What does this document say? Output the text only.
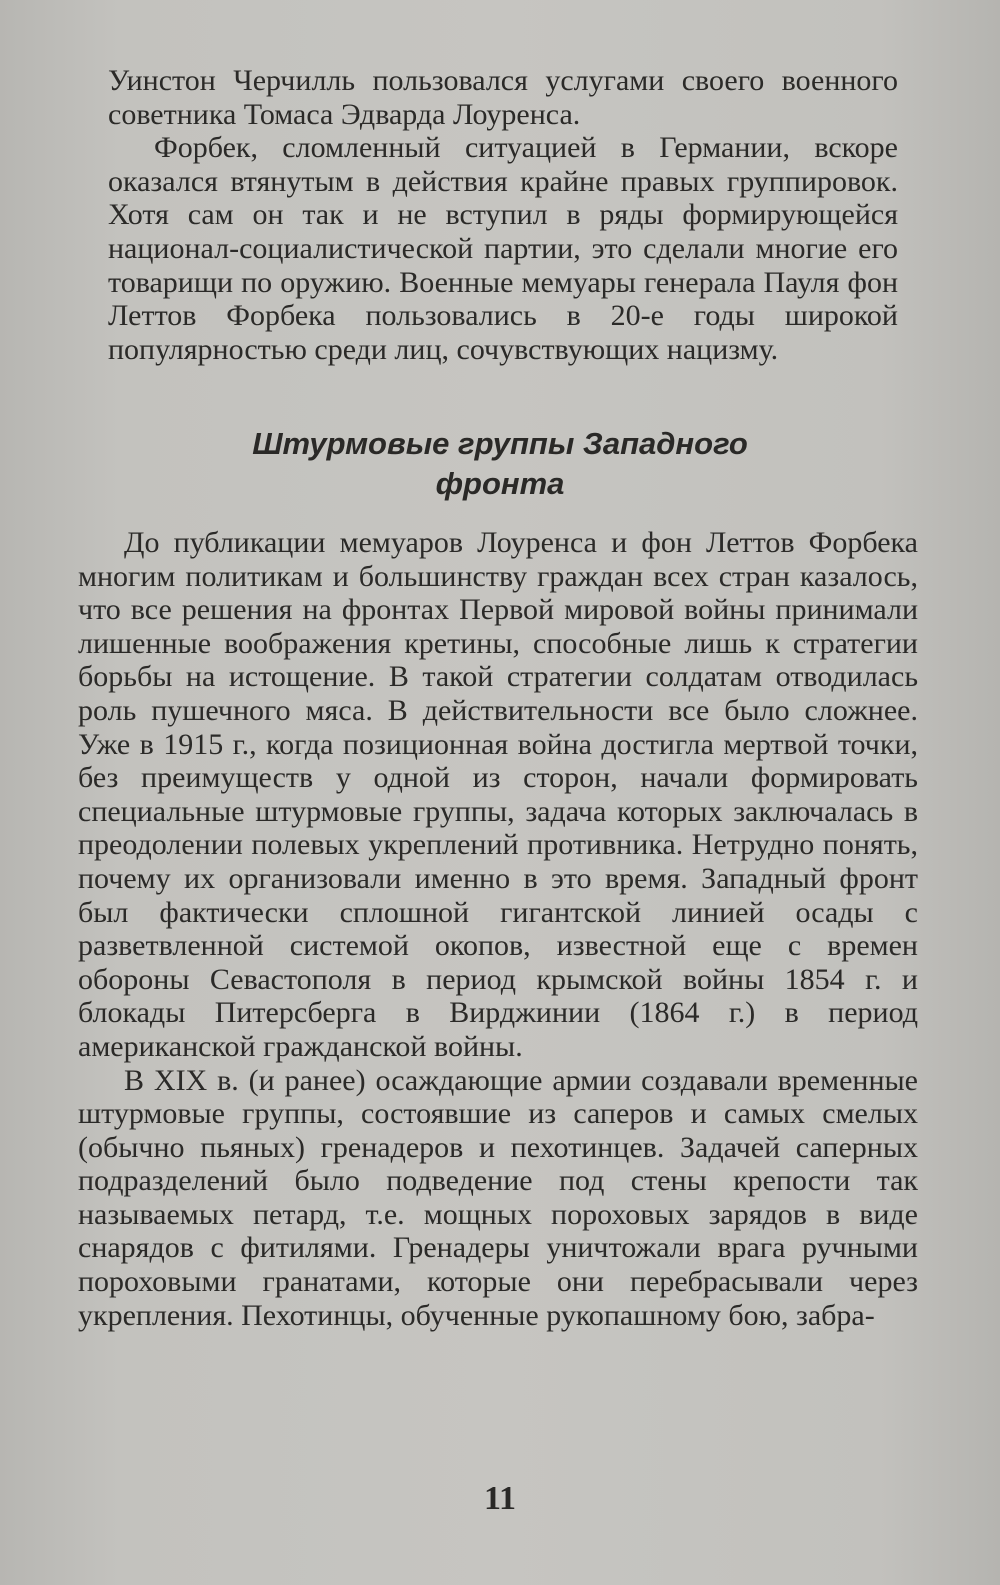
Уинстон Черчилль пользовался услугами своего военного советника Томаса Эдварда Лоуренса.

Форбек, сломленный ситуацией в Германии, вскоре оказался втянутым в действия крайне правых группировок. Хотя сам он так и не вступил в ряды формирующейся национал-социалистической партии, это сделали многие его товарищи по оружию. Военные мемуары генерала Пауля фон Леттов Форбека пользовались в 20-е годы широкой популярностью среди лиц, сочувствующих нацизму.

Штурмовые группы Западного
фронта

До публикации мемуаров Лоуренса и фон Леттов Форбека многим политикам и большинству граждан всех стран казалось, что все решения на фронтах Первой мировой войны принимали лишенные воображения кретины, способные лишь к стратегии борьбы на истощение. В такой стратегии солдатам отводилась роль пушечного мяса. В действительности все было сложнее. Уже в 1915 г., когда позиционная война достигла мертвой точки, без преимуществ у одной из сторон, начали формировать специальные штурмовые группы, задача которых заключалась в преодолении полевых укреплений противника. Нетрудно понять, почему их организовали именно в это время. Западный фронт был фактически сплошной гигантской линией осады с разветвленной системой окопов, известной еще с времен обороны Севастополя в период крымской войны 1854 г. и блокады Питерсберга в Вирджинии (1864 г.) в период американской гражданской войны.

В XIX в. (и ранее) осаждающие армии создавали временные штурмовые группы, состоявшие из саперов и самых смелых (обычно пьяных) гренадеров и пехотинцев. Задачей саперных подразделений было подведение под стены крепости так называемых петард, т.е. мощных пороховых зарядов в виде снарядов с фитилями. Гренадеры уничтожали врага ручными пороховыми гранатами, которые они перебрасывали через укрепления. Пехотинцы, обученные рукопашному бою, забра-

11
